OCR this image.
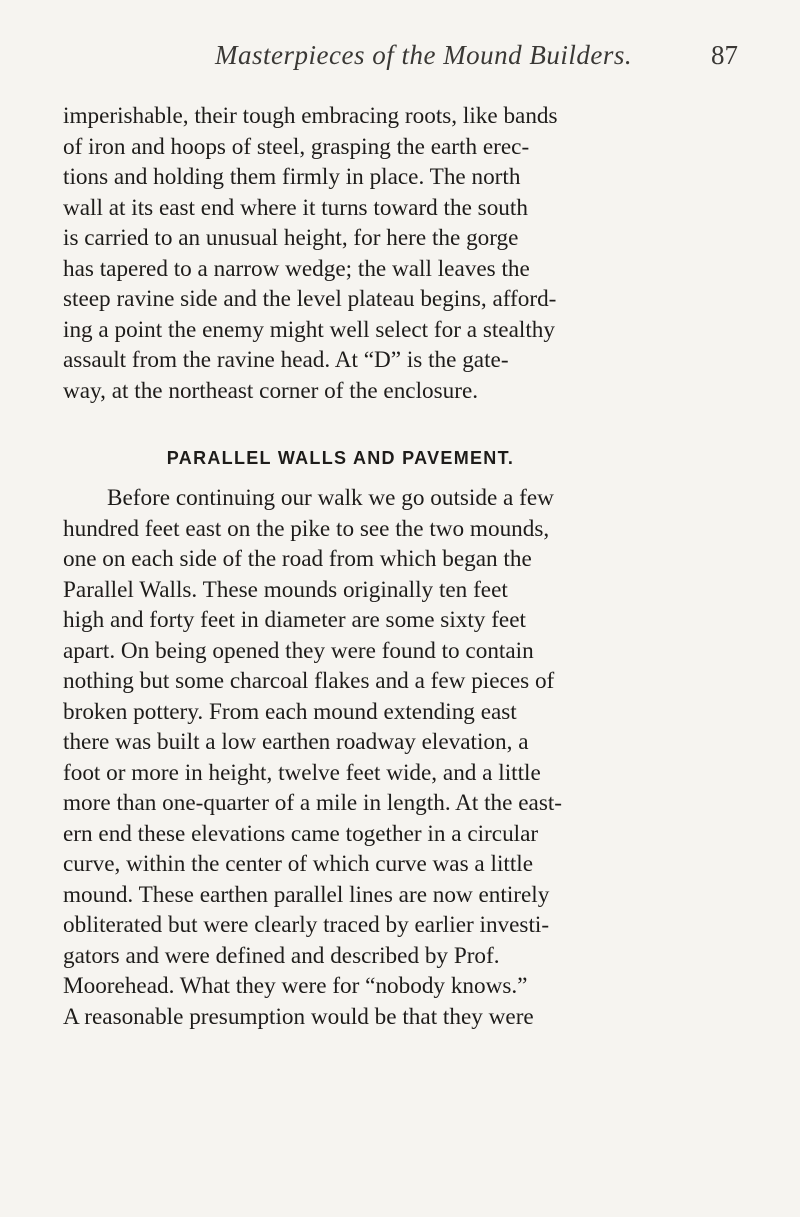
Masterpieces of the Mound Builders.	87

imperishable, their tough embracing roots, like bands
of iron and hoops of steel, grasping the earth erec-
tions and holding them firmly in place. The north
wall at its east end where it turns toward the south
is carried to an unusual height, for here the gorge
has tapered to a narrow wedge; the wall leaves the
steep ravine side and the level plateau begins, afford-
ing a point the enemy might well select for a stealthy
assault from the ravine head. At “D” is the gate-
way, at the northeast corner of the enclosure.

PARALLEL WALLS AND PAVEMENT.

Before continuing our walk we go outside a few
hundred feet east on the pike to see the two mounds,
one on each side of the road from which began the
Parallel Walls. These mounds originally ten feet
high and forty feet in diameter are some sixty feet
apart. On being opened they were found to contain
nothing but some charcoal flakes and a few pieces of
broken pottery. From each mound extending east
there was built a low earthen roadway elevation, a
foot or more in height, twelve feet wide, and a little
more than one-quarter of a mile in length. At the east-
ern end these elevations came together in a circular
curve, within the center of which curve was a little
mound. These earthen parallel lines are now entirely
obliterated but were clearly traced by earlier investi-
gators and were defined and described by Prof.
Moorehead. What they were for “nobody knows.”
A reasonable presumption would be that they were
